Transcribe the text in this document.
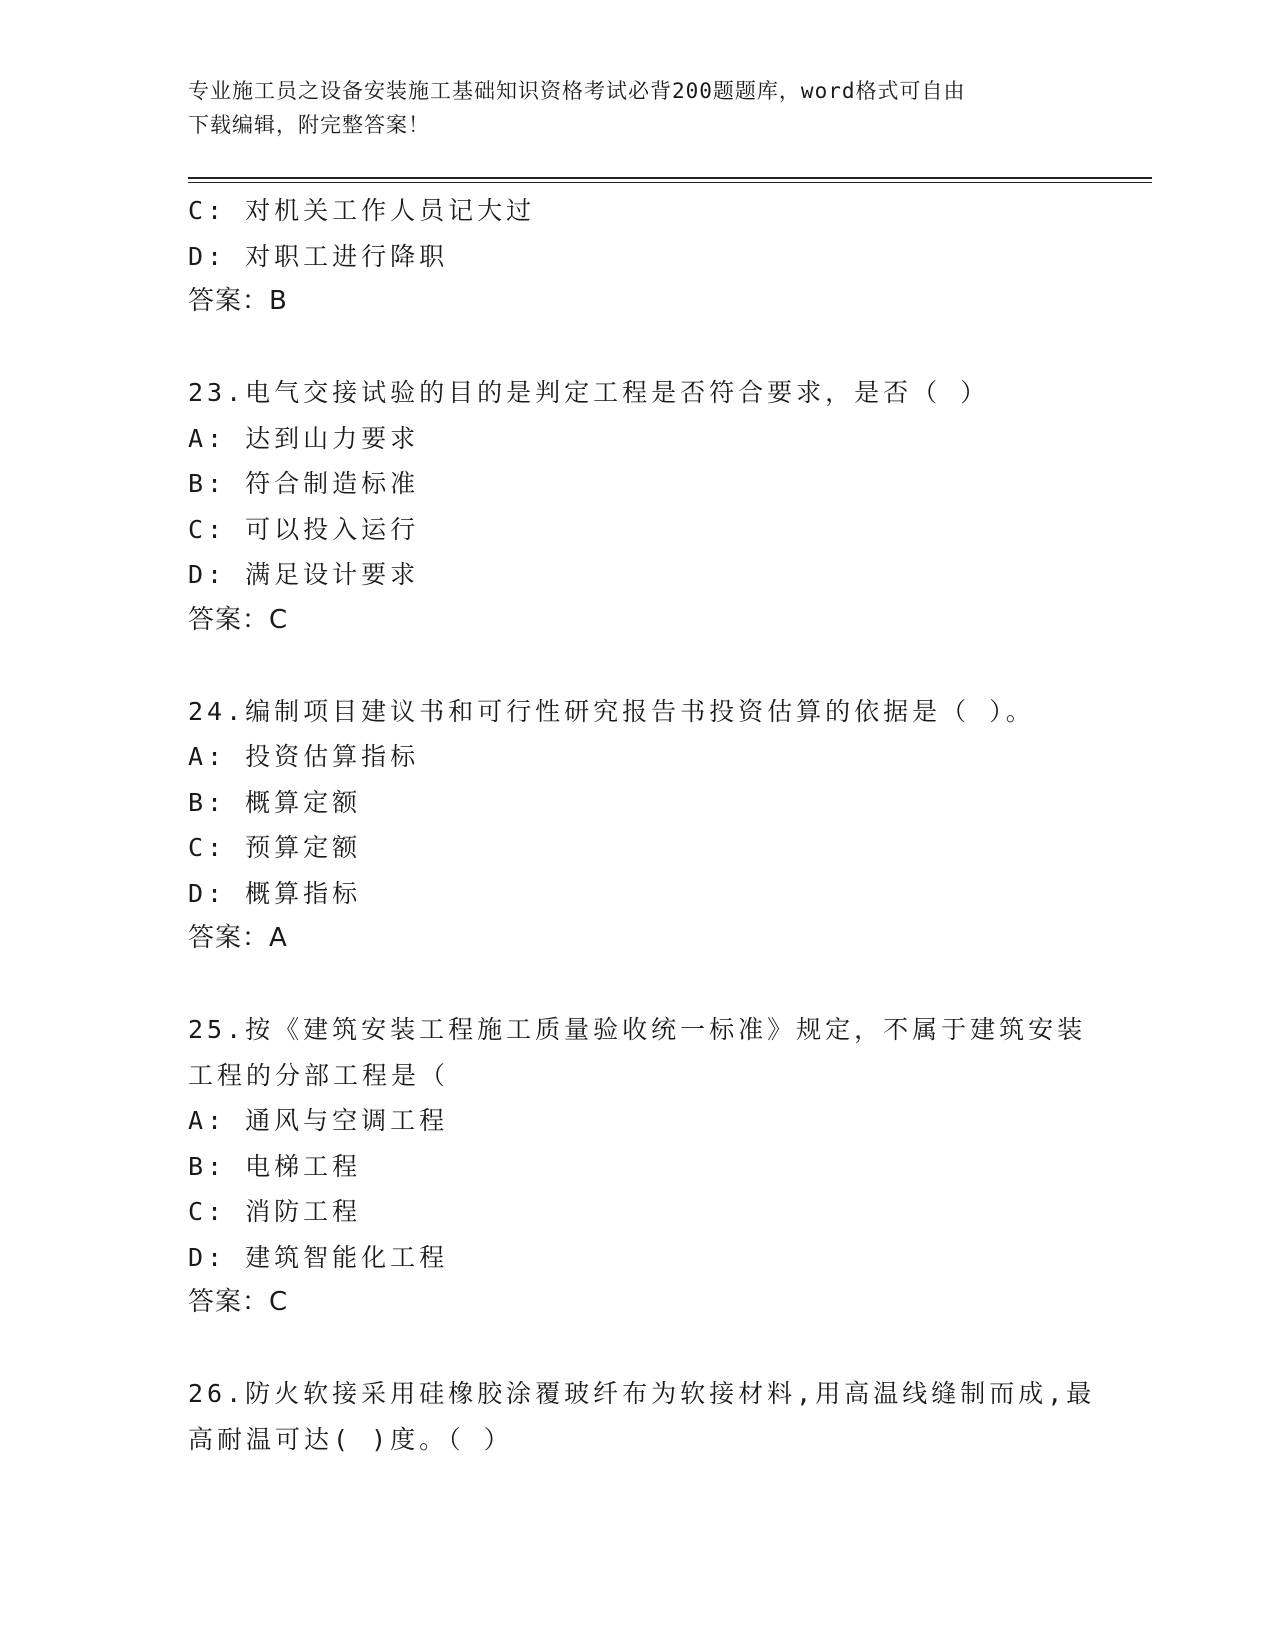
专业施工员之设备安装施工基础知识资格考试必背200题题库，word格式可自由
下载编辑，附完整答案！
C: 对机关工作人员记大过
D: 对职工进行降职
答案：B
23.电气交接试验的目的是判定工程是否符合要求，是否（ ）
A: 达到山力要求
B: 符合制造标准
C: 可以投入运行
D: 满足设计要求
答案：C
24.编制项目建议书和可行性研究报告书投资估算的依据是（ ）。
A: 投资估算指标
B: 概算定额
C: 预算定额
D: 概算指标
答案：A
25.按《建筑安装工程施工质量验收统一标准》规定，不属于建筑安装
工程的分部工程是（
A: 通风与空调工程
B: 电梯工程
C: 消防工程
D: 建筑智能化工程
答案：C
26.防火软接采用硅橡胶涂覆玻纤布为软接材料,用高温线缝制而成,最
高耐温可达( )度。（ ）
